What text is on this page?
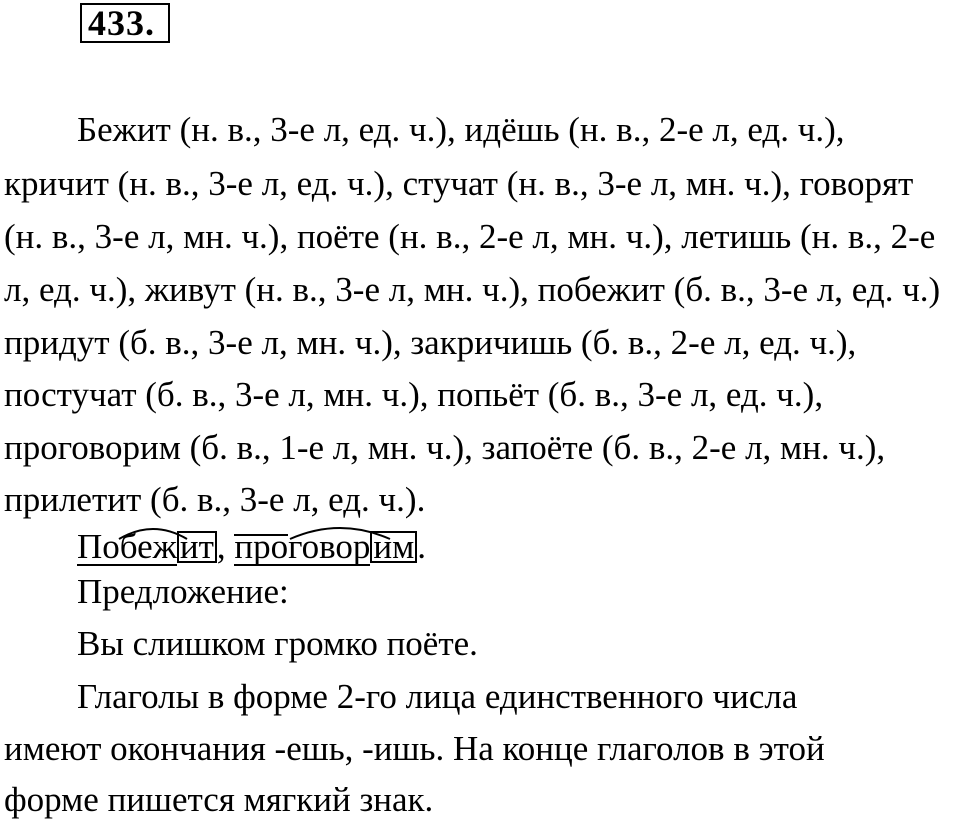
433.
Бежит (н. в., 3-е л, ед. ч.), идёшь (н. в., 2-е л, ед. ч.),
кричит (н. в., 3-е л, ед. ч.), стучат (н. в., 3-е л, мн. ч.), говорят
(н. в., 3-е л, мн. ч.), поёте (н. в., 2-е л, мн. ч.), летишь (н. в., 2-е
л, ед. ч.), живут (н. в., 3-е л, мн. ч.), побежит (б. в., 3-е л, ед. ч.)
придут (б. в., 3-е л, мн. ч.), закричишь (б. в., 2-е л, ед. ч.),
постучат (б. в., 3-е л, мн. ч.), попьёт (б. в., 3-е л, ед. ч.),
проговорим (б. в., 1-е л, мн. ч.), запоёте (б. в., 2-е л, мн. ч.),
прилетит (б. в., 3-е л, ед. ч.).
Побежит
, проговорим
.
Предложение:
Вы слишком громко поёте.
Глаголы в форме 2-го лица единственного числа
имеют окончания -ешь, -ишь. На конце глаголов в этой
форме пишется мягкий знак.
